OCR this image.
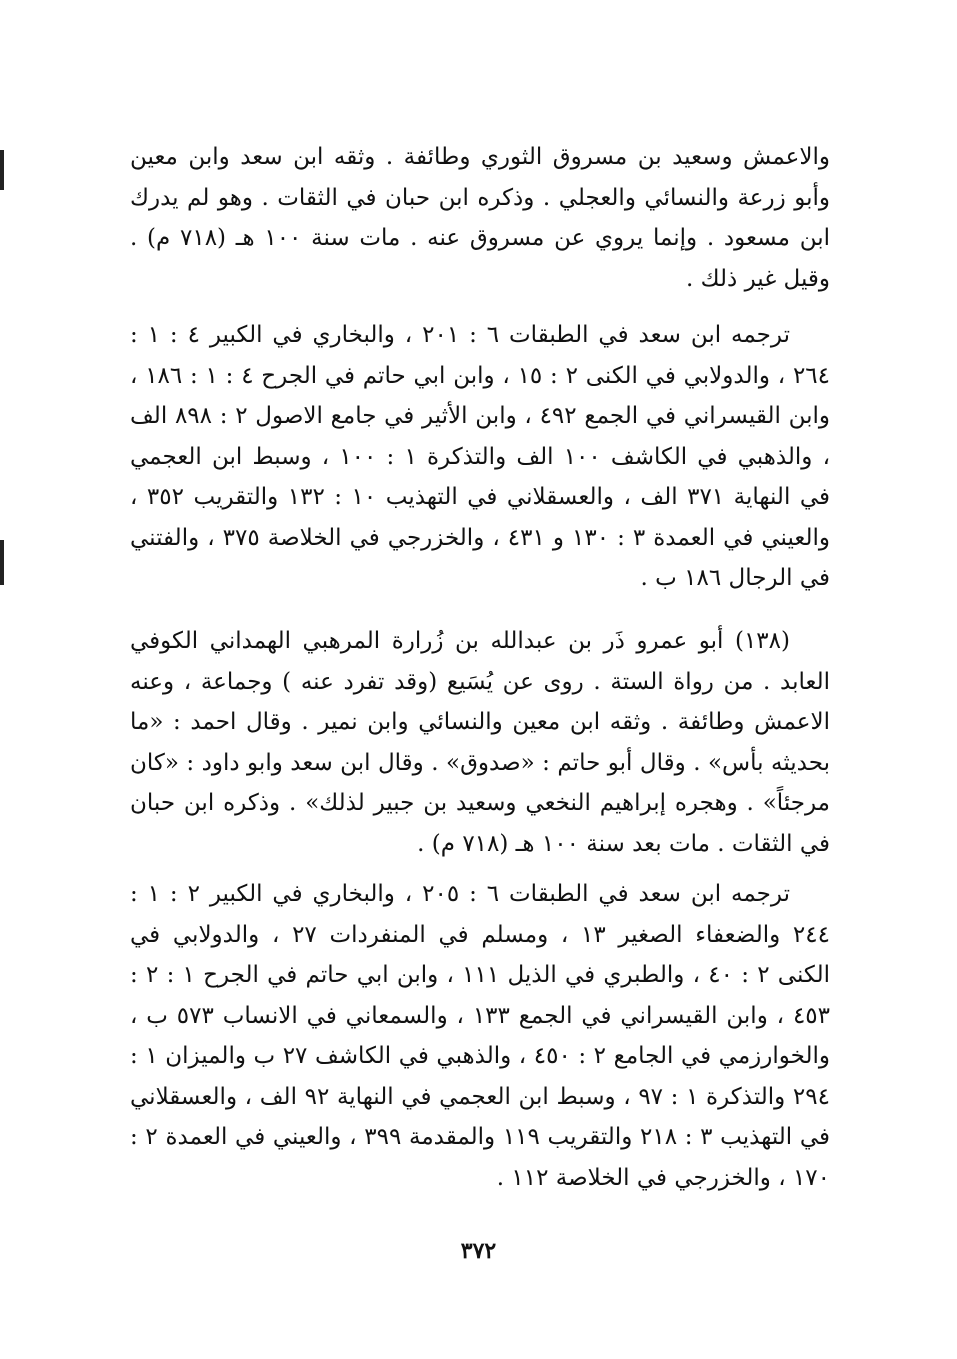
والاعمش وسعيد بن مسروق الثوري وطائفة . وثقه ابن سعد وابن معين وأبو زرعة والنسائي والعجلي . وذكره ابن حبان في الثقات . وهو لم يدرك ابن مسعود . وإنما يروي عن مسروق عنه . مات سنة ١٠٠ هـ (٧١٨ م) . وقيل غير ذلك .

ترجمه ابن سعد في الطبقات ٦ : ٢٠١ ، والبخاري في الكبير ٤ : ١ : ٢٦٤ ، والدولابي في الكنى ٢ : ١٥ ، وابن ابي حاتم في الجرح ٤ : ١ : ١٨٦ ، وابن القيسراني في الجمع ٤٩٢ ، وابن الأثير في جامع الاصول ٢ : ٨٩٨ الف ، والذهبي في الكاشف ١٠٠ الف والتذكرة ١ : ١٠٠ ، وسبط ابن العجمي في النهاية ٣٧١ الف ، والعسقلاني في التهذيب ١٠ : ١٣٢ والتقريب ٣٥٢ ، والعيني في العمدة ٣ : ١٣٠ و ٤٣١ ، والخزرجي في الخلاصة ٣٧٥ ، والفتني في الرجال ١٨٦ ب .

(١٣٨) أبو عمرو ذَر بن عبدالله بن زُرارة المرهبي الهمداني الكوفي العابد . من رواة الستة . روى عن يُسَيع (وقد تفرد عنه ) وجماعة ، وعنه الاعمش وطائفة . وثقه ابن معين والنسائي وابن نمير . وقال احمد : «ما بحديثه بأس» . وقال أبو حاتم : «صدوق» . وقال ابن سعد وابو داود : «كان مرجئاً» . وهجره إبراهيم النخعي وسعيد بن جبير لذلك» . وذكره ابن حبان في الثقات . مات بعد سنة ١٠٠ هـ (٧١٨ م) .

ترجمه ابن سعد في الطبقات ٦ : ٢٠٥ ، والبخاري في الكبير ٢ : ١ : ٢٤٤ والضعفاء الصغير ١٣ ، ومسلم في المنفردات ٢٧ ، والدولابي في الكنى ٢ : ٤٠ ، والطبري في الذيل ١١١ ، وابن ابي حاتم في الجرح ١ : ٢ : ٤٥٣ ، وابن القيسراني في الجمع ١٣٣ ، والسمعاني في الانساب ٥٧٣ ب ، والخوارزمي في الجامع ٢ : ٤٥٠ ، والذهبي في الكاشف ٢٧ ب والميزان ١ : ٢٩٤ والتذكرة ١ : ٩٧ ، وسبط ابن العجمي في النهاية ٩٢ الف ، والعسقلاني في التهذيب ٣ : ٢١٨ والتقريب ١١٩ والمقدمة ٣٩٩ ، والعيني في العمدة ٢ : ١٧٠ ، والخزرجي في الخلاصة ١١٢ .

٣٧٢
